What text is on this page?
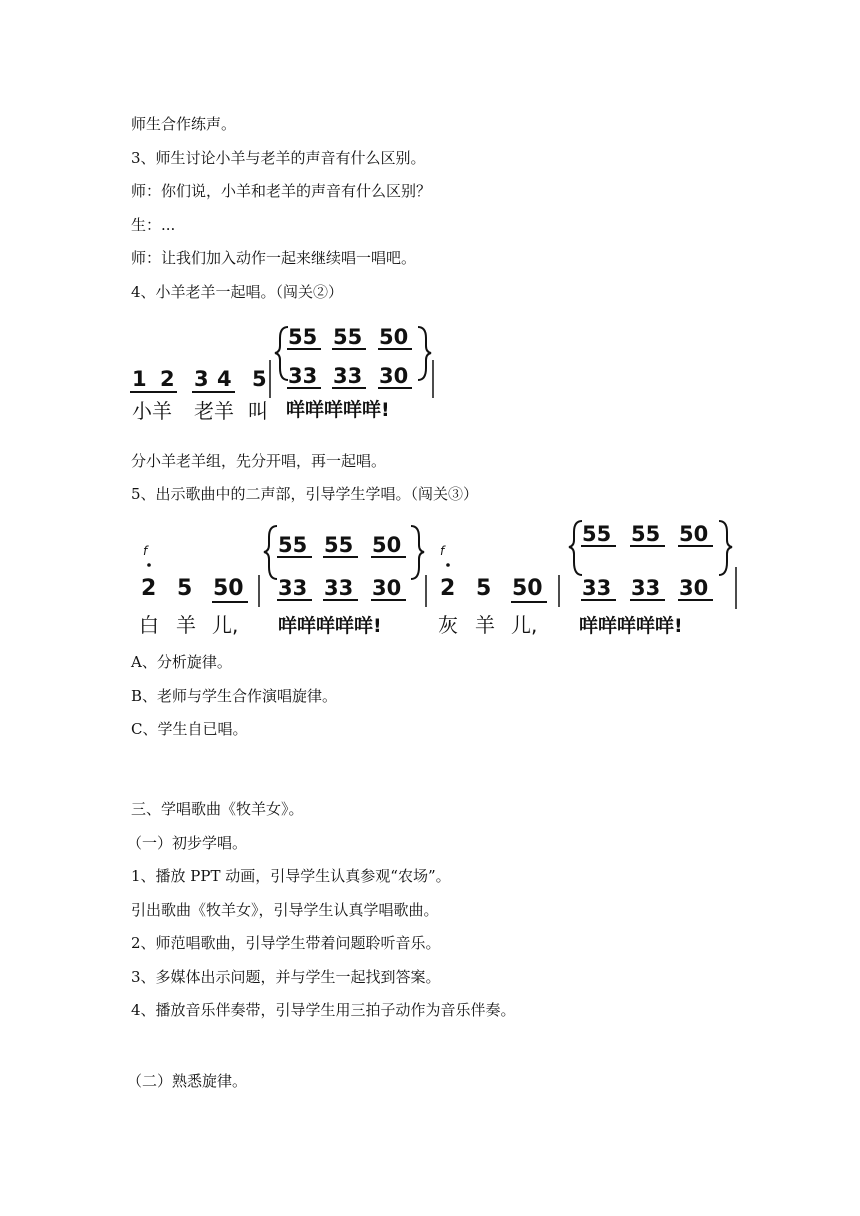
师生合作练声。
3、师生讨论小羊与老羊的声音有什么区别。
师：你们说，小羊和老羊的声音有什么区别？
生：...
师：让我们加入动作一起来继续唱一唱吧。
4、小羊老羊一起唱。（闯关②）
1 2 3 4 5
55 55 50
33 33 30
小羊 老羊 叫 咩咩咩咩咩!
分小羊老羊组，先分开唱，再一起唱。
5、出示歌曲中的二声部，引导学生学唱。（闯关③）
f
2 5 50
55 55 50
33 33 30
白 羊 儿, 咩咩咩咩咩!
f
2 5 50
55 55 50
33 33 30
灰 羊 儿, 咩咩咩咩咩!
A、分析旋律。
B、老师与学生合作演唱旋律。
C、学生自已唱。
三、学唱歌曲《牧羊女》。
（一）初步学唱。
1、播放 PPT 动画，引导学生认真参观“农场”。
引出歌曲《牧羊女》，引导学生认真学唱歌曲。
2、师范唱歌曲，引导学生带着问题聆听音乐。
3、多媒体出示问题，并与学生一起找到答案。
4、播放音乐伴奏带，引导学生用三拍子动作为音乐伴奏。
（二）熟悉旋律。
